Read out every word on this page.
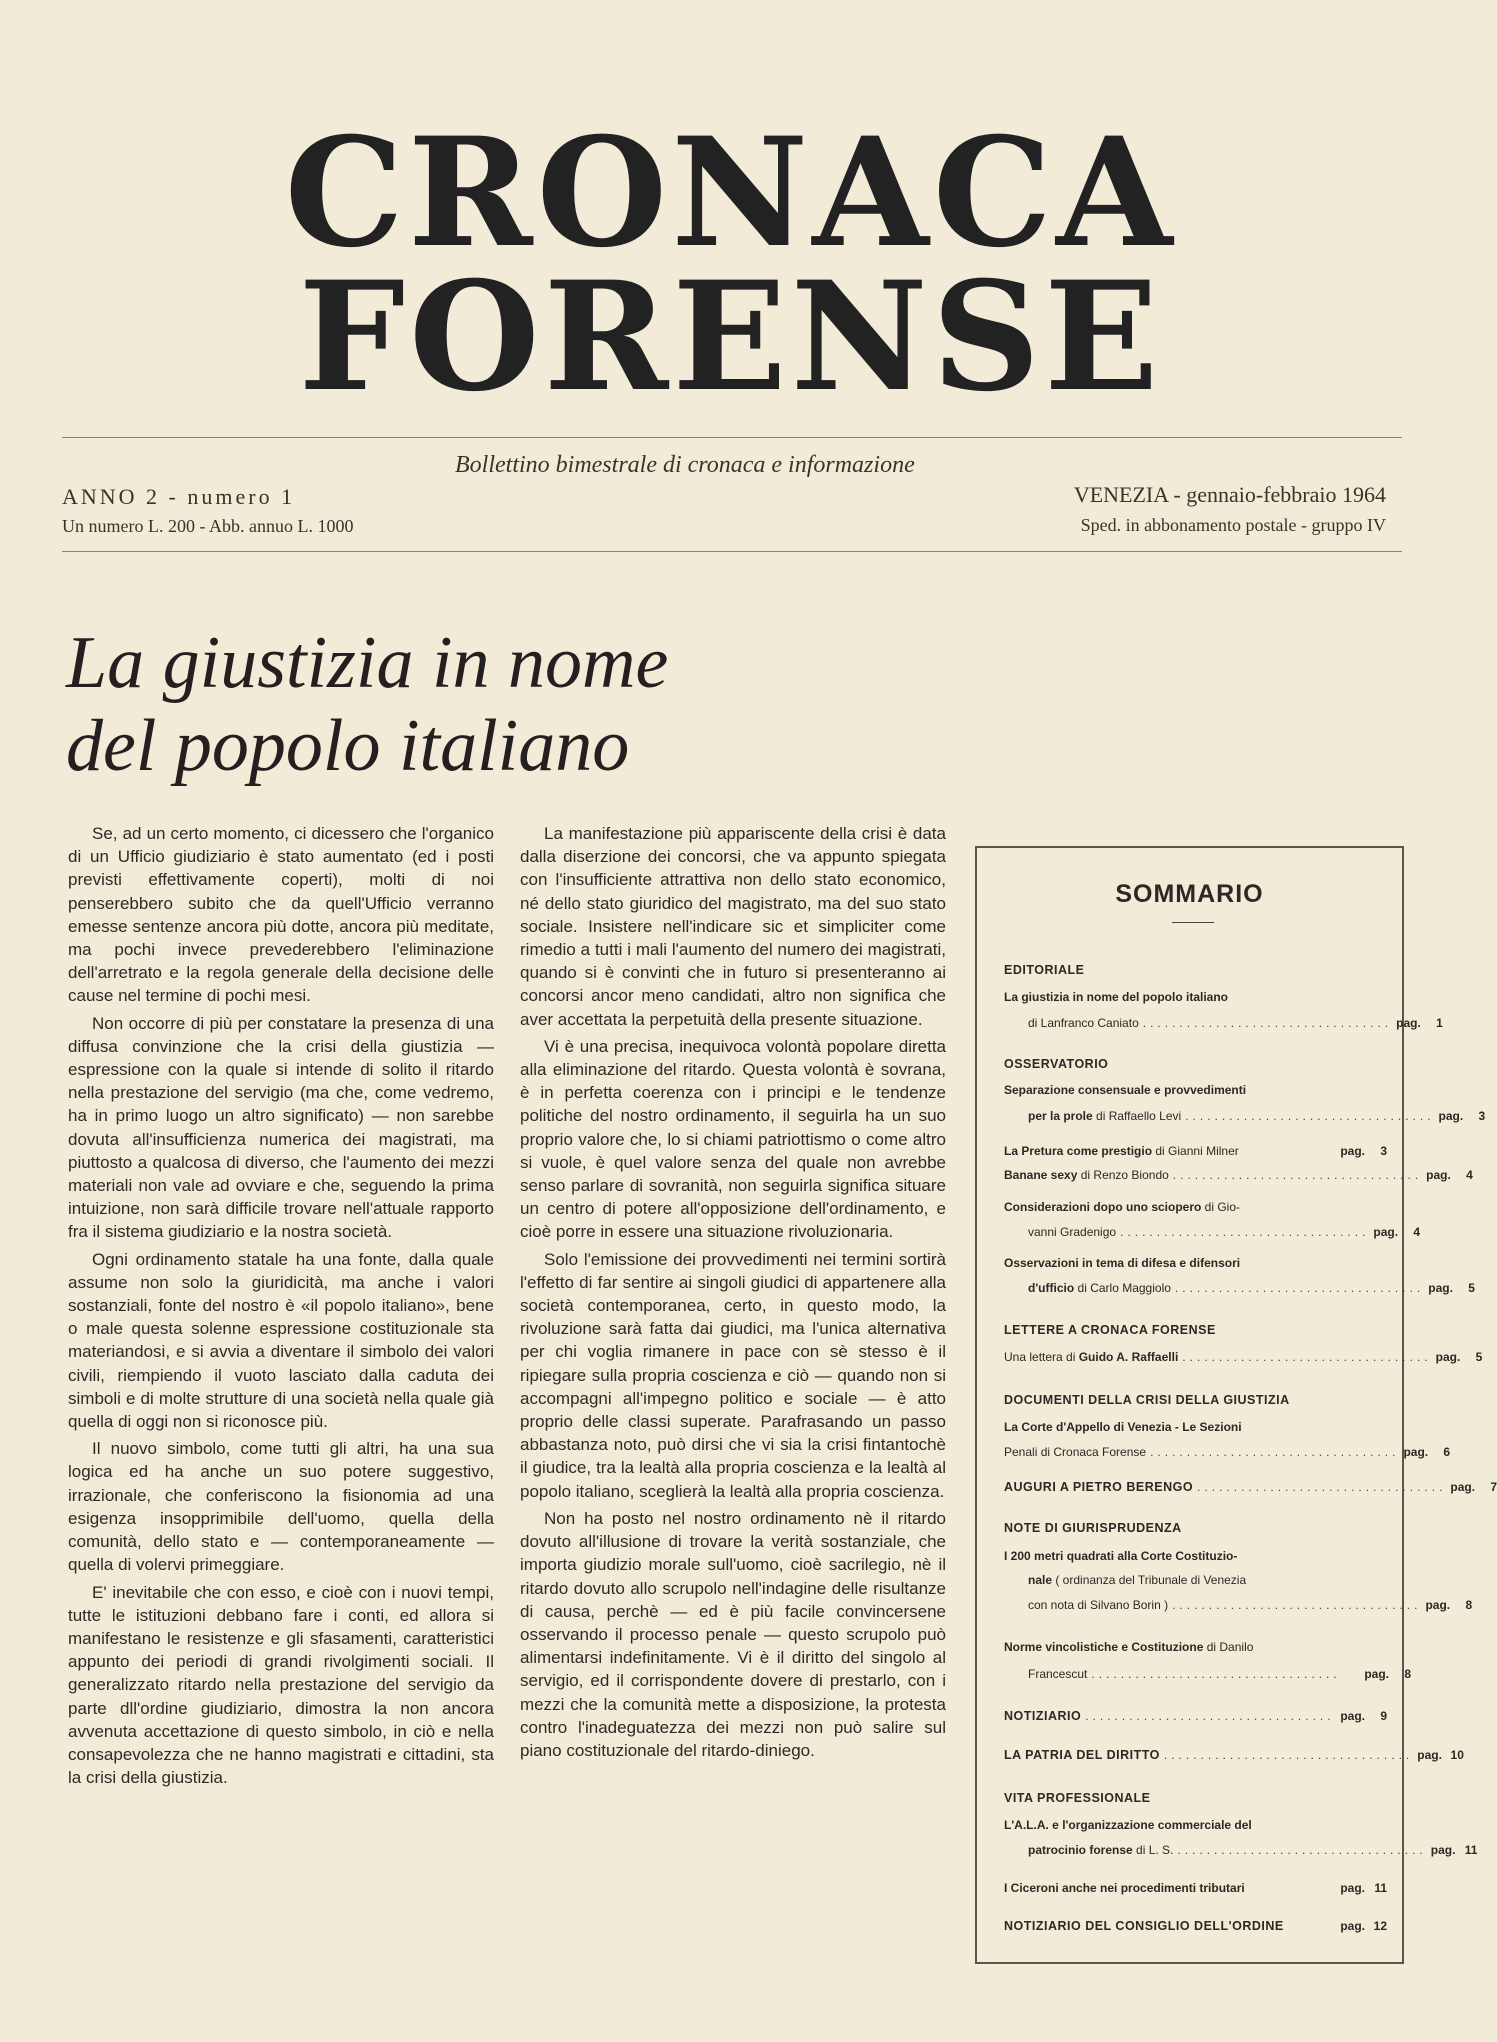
CRONACA
FORENSE
Bollettino bimestrale di cronaca e informazione
ANNO 2 - numero 1
Un numero L. 200 - Abb. annuo L. 1000
VENEZIA - gennaio-febbraio 1964
Sped. in abbonamento postale - gruppo IV
La giustizia in nome
del popolo italiano

Se, ad un certo momento, ci dicessero che l'organico di un Ufficio giudiziario è stato aumentato (ed i posti previsti effettivamente coperti), molti di noi penserebbero subito che da quell'Ufficio verranno emesse sentenze ancora più dotte, ancora più meditate, ma pochi invece prevederebbero l'eliminazione dell'arretrato e la regola generale della decisione delle cause nel termine di pochi mesi.

Non occorre di più per constatare la presenza di una diffusa convinzione che la crisi della giustizia — espressione con la quale si intende di solito il ritardo nella prestazione del servigio (ma che, come vedremo, ha in primo luogo un altro significato) — non sarebbe dovuta all'insufficienza numerica dei magistrati, ma piuttosto a qualcosa di diverso, che l'aumento dei mezzi materiali non vale ad ovviare e che, seguendo la prima intuizione, non sarà difficile trovare nell'attuale rapporto fra il sistema giudiziario e la nostra società.

Ogni ordinamento statale ha una fonte, dalla quale assume non solo la giuridicità, ma anche i valori sostanziali, fonte del nostro è «il popolo italiano», bene o male questa solenne espressione costituzionale sta materiandosi, e si avvia a diventare il simbolo dei valori civili, riempiendo il vuoto lasciato dalla caduta dei simboli e di molte strutture di una società nella quale già quella di oggi non si riconosce più.

Il nuovo simbolo, come tutti gli altri, ha una sua logica ed ha anche un suo potere suggestivo, irrazionale, che conferiscono la fisionomia ad una esigenza insopprimibile dell'uomo, quella della comunità, dello stato e — contemporaneamente — quella di volervi primeggiare.

E' inevitabile che con esso, e cioè con i nuovi tempi, tutte le istituzioni debbano fare i conti, ed allora si manifestano le resistenze e gli sfasamenti, caratteristici appunto dei periodi di grandi rivolgimenti sociali. Il generalizzato ritardo nella prestazione del servigio da parte dll'ordine giudiziario, dimostra la non ancora avvenuta accettazione di questo simbolo, in ciò e nella consapevolezza che ne hanno magistrati e cittadini, sta la crisi della giustizia.

La manifestazione più appariscente della crisi è data dalla diserzione dei concorsi, che va appunto spiegata con l'insufficiente attrattiva non dello stato economico, né dello stato giuridico del magistrato, ma del suo stato sociale. Insistere nell'indicare sic et simpliciter come rimedio a tutti i mali l'aumento del numero dei magistrati, quando si è convinti che in futuro si presenteranno ai concorsi ancor meno candidati, altro non significa che aver accettata la perpetuità della presente situazione.

Vi è una precisa, inequivoca volontà popolare diretta alla eliminazione del ritardo. Questa volontà è sovrana, è in perfetta coerenza con i principi e le tendenze politiche del nostro ordinamento, il seguirla ha un suo proprio valore che, lo si chiami patriottismo o come altro si vuole, è quel valore senza del quale non avrebbe senso parlare di sovranità, non seguirla significa situare un centro di potere all'opposizione dell'ordinamento, e cioè porre in essere una situazione rivoluzionaria.

Solo l'emissione dei provvedimenti nei termini sortirà l'effetto di far sentire ai singoli giudici di appartenere alla società contemporanea, certo, in questo modo, la rivoluzione sarà fatta dai giudici, ma l'unica alternativa per chi voglia rimanere in pace con sè stesso è il ripiegare sulla propria coscienza e ciò — quando non si accompagni all'impegno politico e sociale — è atto proprio delle classi superate. Parafrasando un passo abbastanza noto, può dirsi che vi sia la crisi fintantochè il giudice, tra la lealtà alla propria coscienza e la lealtà al popolo italiano, sceglierà la lealtà alla propria coscienza.

Non ha posto nel nostro ordinamento nè il ritardo dovuto all'illusione di trovare la verità sostanziale, che importa giudizio morale sull'uomo, cioè sacrilegio, nè il ritardo dovuto allo scrupolo nell'indagine delle risultanze di causa, perchè — ed è più facile convincersene osservando il processo penale — questo scrupolo può alimentarsi indefinitamente. Vi è il diritto del singolo al servigio, ed il corrispondente dovere di prestarlo, con i mezzi che la comunità mette a disposizione, la protesta contro l'inadeguatezza dei mezzi non può salire sul piano costituzionale del ritardo-diniego.

SOMMARIO
EDITORIALE
La giustizia in nome del popolo italiano
di Lanfranco Caniato .................................. pag.	1
OSSERVATORIO
Separazione consensuale e provvedimenti
per la prole di Raffaello Levi .................................. pag.	3
La Pretura come prestigio di Gianni Milner	pag.	3
Banane sexy di Renzo Biondo .................................. pag.	4
Considerazioni dopo uno sciopero di Gio-
vanni Gradenigo .................................. pag.	4
Osservazioni in tema di difesa e difensori
d'ufficio di Carlo Maggiolo .................................. pag.	5
LETTERE A CRONACA FORENSE
Una lettera di Guido A. Raffaelli .................................. pag.	5
DOCUMENTI DELLA CRISI DELLA GIUSTIZIA
La Corte d'Appello di Venezia - Le Sezioni
Penali di Cronaca Forense .................................. pag.	6
AUGURI A PIETRO BERENGO .................................. pag.	7
NOTE DI GIURISPRUDENZA
I 200 metri quadrati alla Corte Costituzio-
nale ( ordinanza del Tribunale di Venezia
con nota di Silvano Borin ) .................................. pag.	8
Norme vincolistiche e Costituzione di Danilo
Francescut ..................................	pag.	8
NOTIZIARIO .................................. pag.	9
LA PATRIA DEL DIRITTO .................................. pag. 10
VITA PROFESSIONALE
L'A.L.A. e l'organizzazione commerciale del
patrocinio forense di L. S. .................................. pag. 11
I Ciceroni anche nei procedimenti tributari	pag. 11
NOTIZIARIO DEL CONSIGLIO DELL'ORDINE	pag. 12
